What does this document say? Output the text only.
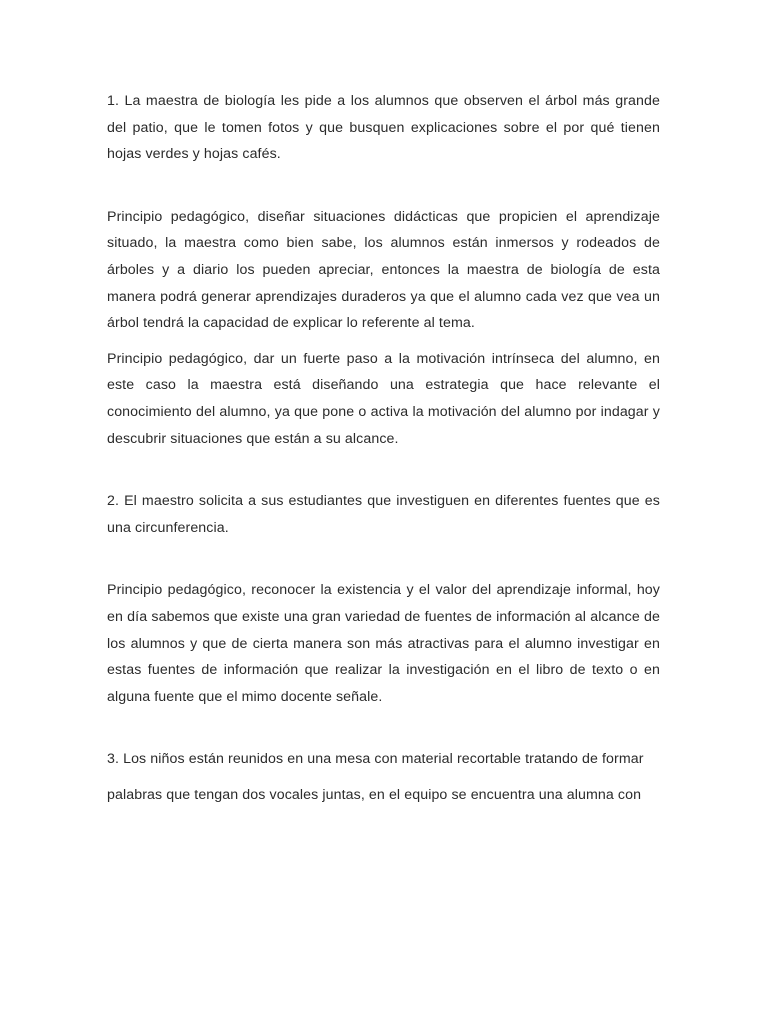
1. La maestra de biología les pide a los alumnos que observen el árbol más grande del patio, que le tomen fotos y que busquen explicaciones sobre el por qué tienen hojas verdes y hojas cafés.

Principio pedagógico, diseñar situaciones didácticas que propicien el aprendizaje situado, la maestra como bien sabe, los alumnos están inmersos y rodeados de árboles y a diario los pueden apreciar, entonces la maestra de biología de esta manera podrá generar aprendizajes duraderos ya que el alumno cada vez que vea un árbol tendrá la capacidad de explicar lo referente al tema.

Principio pedagógico, dar un fuerte paso a la motivación intrínseca del alumno, en este caso la maestra está diseñando una estrategia que hace relevante el conocimiento del alumno, ya que pone o activa la motivación del alumno por indagar y descubrir situaciones que están a su alcance.

2. El maestro solicita a sus estudiantes que investiguen en diferentes fuentes que es una circunferencia.

Principio pedagógico, reconocer la existencia y el valor del aprendizaje informal, hoy en día sabemos que existe una gran variedad de fuentes de información al alcance de los alumnos y que de cierta manera son más atractivas para el alumno investigar en estas fuentes de información que realizar la investigación en el libro de texto o en alguna fuente que el mimo docente señale.

3. Los niños están reunidos en una mesa con material recortable tratando de formar

palabras que tengan dos vocales juntas, en el equipo se encuentra una alumna con
